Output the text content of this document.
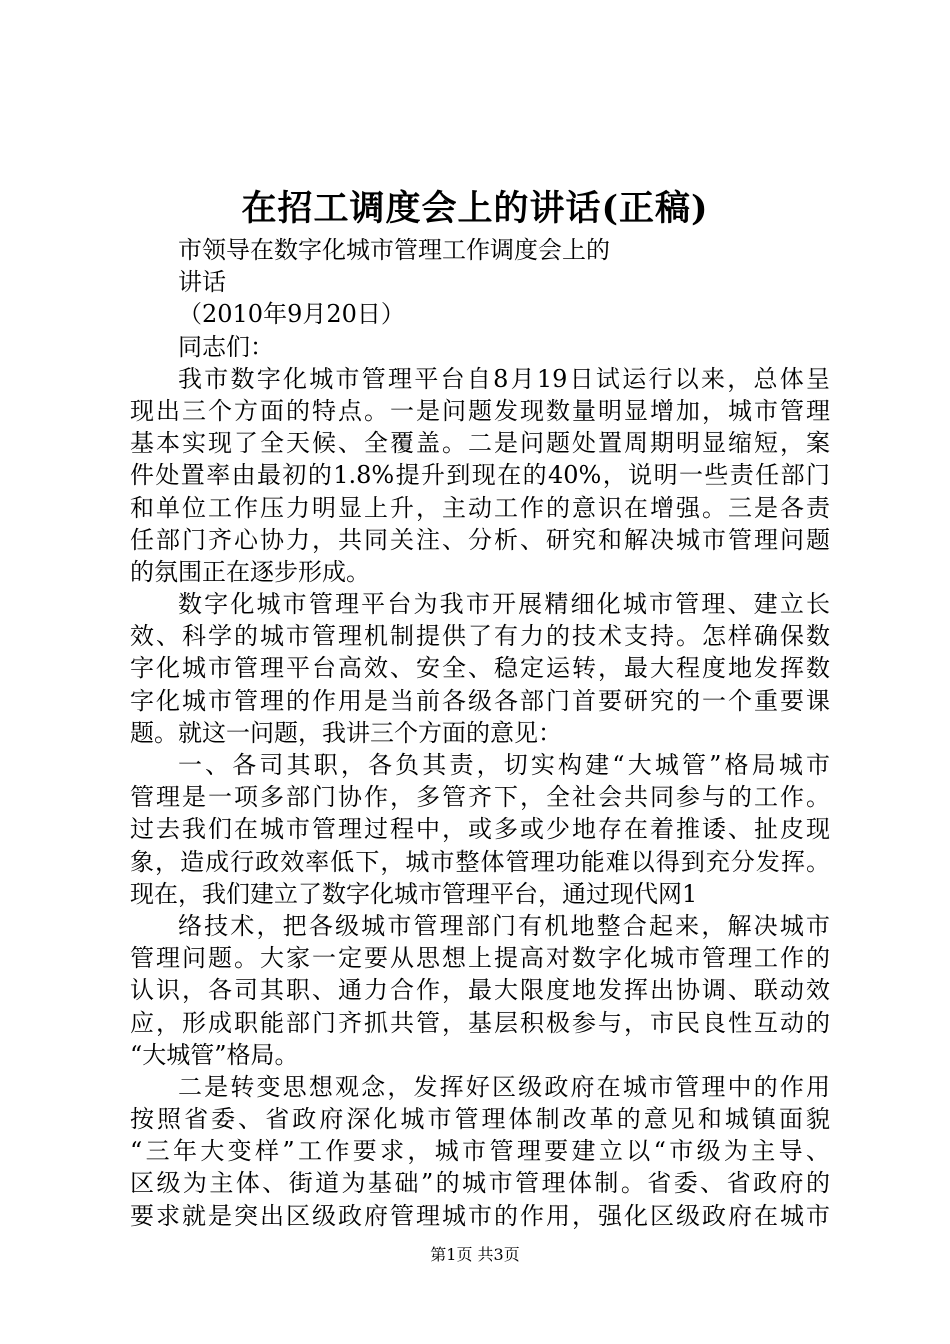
在招工调度会上的讲话(正稿)
市领导在数字化城市管理工作调度会上的
讲话
（2010年9月20日）
同志们：
我市数字化城市管理平台自8月19日试运行以来，总体呈
现出三个方面的特点。一是问题发现数量明显增加，城市管理
基本实现了全天候、全覆盖。二是问题处置周期明显缩短，案
件处置率由最初的1.8%提升到现在的40%，说明一些责任部门
和单位工作压力明显上升，主动工作的意识在增强。三是各责
任部门齐心协力，共同关注、分析、研究和解决城市管理问题
的氛围正在逐步形成。
数字化城市管理平台为我市开展精细化城市管理、建立长
效、科学的城市管理机制提供了有力的技术支持。怎样确保数
字化城市管理平台高效、安全、稳定运转，最大程度地发挥数
字化城市管理的作用是当前各级各部门首要研究的一个重要课
题。就这一问题，我讲三个方面的意见：
一、各司其职，各负其责，切实构建“大城管”格局城市
管理是一项多部门协作，多管齐下，全社会共同参与的工作。
过去我们在城市管理过程中，或多或少地存在着推诿、扯皮现
象，造成行政效率低下，城市整体管理功能难以得到充分发挥。
现在，我们建立了数字化城市管理平台，通过现代网1
络技术，把各级城市管理部门有机地整合起来，解决城市
管理问题。大家一定要从思想上提高对数字化城市管理工作的
认识，各司其职、通力合作，最大限度地发挥出协调、联动效
应，形成职能部门齐抓共管，基层积极参与，市民良性互动的
“大城管”格局。
二是转变思想观念，发挥好区级政府在城市管理中的作用
按照省委、省政府深化城市管理体制改革的意见和城镇面貌
“三年大变样”工作要求，城市管理要建立以“市级为主导、
区级为主体、街道为基础”的城市管理体制。省委、省政府的
要求就是突出区级政府管理城市的作用，强化区级政府在城市
第1页 共3页
